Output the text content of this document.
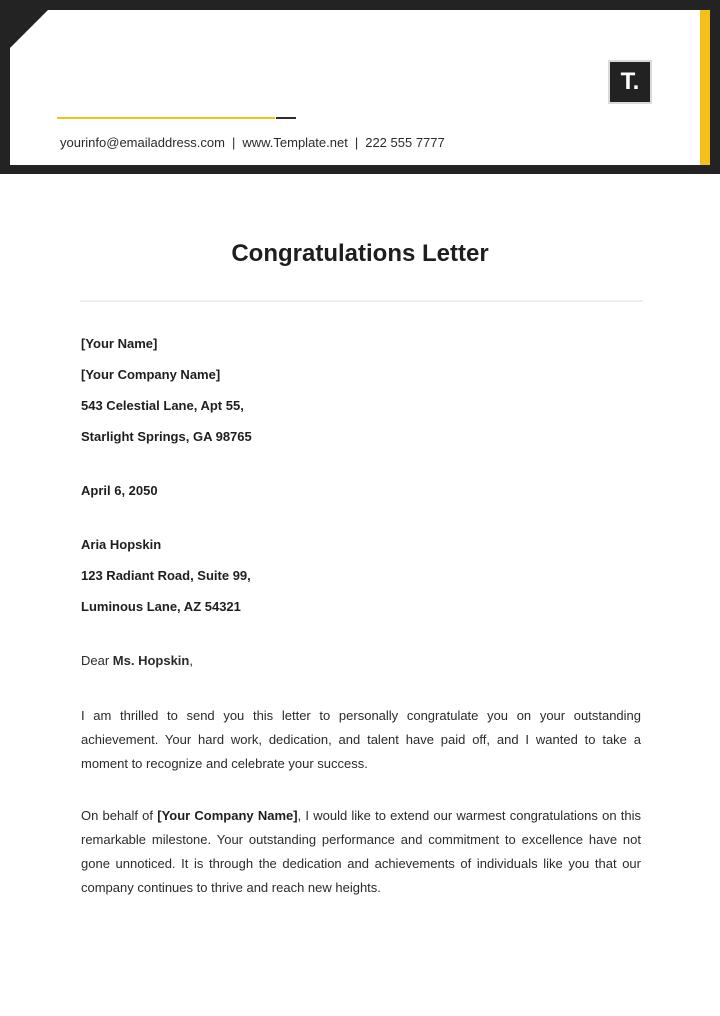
T.
yourinfo@emailaddress.com | www.Template.net | 222 555 7777
Congratulations Letter
[Your Name]
[Your Company Name]
543 Celestial Lane, Apt 55,
Starlight Springs, GA 98765
April 6, 2050
Aria Hopskin
123 Radiant Road, Suite 99,
Luminous Lane, AZ 54321
Dear Ms. Hopskin,
I am thrilled to send you this letter to personally congratulate you on your outstanding achievement. Your hard work, dedication, and talent have paid off, and I wanted to take a moment to recognize and celebrate your success.
On behalf of [Your Company Name], I would like to extend our warmest congratulations on this remarkable milestone. Your outstanding performance and commitment to excellence have not gone unnoticed. It is through the dedication and achievements of individuals like you that our company continues to thrive and reach new heights.
